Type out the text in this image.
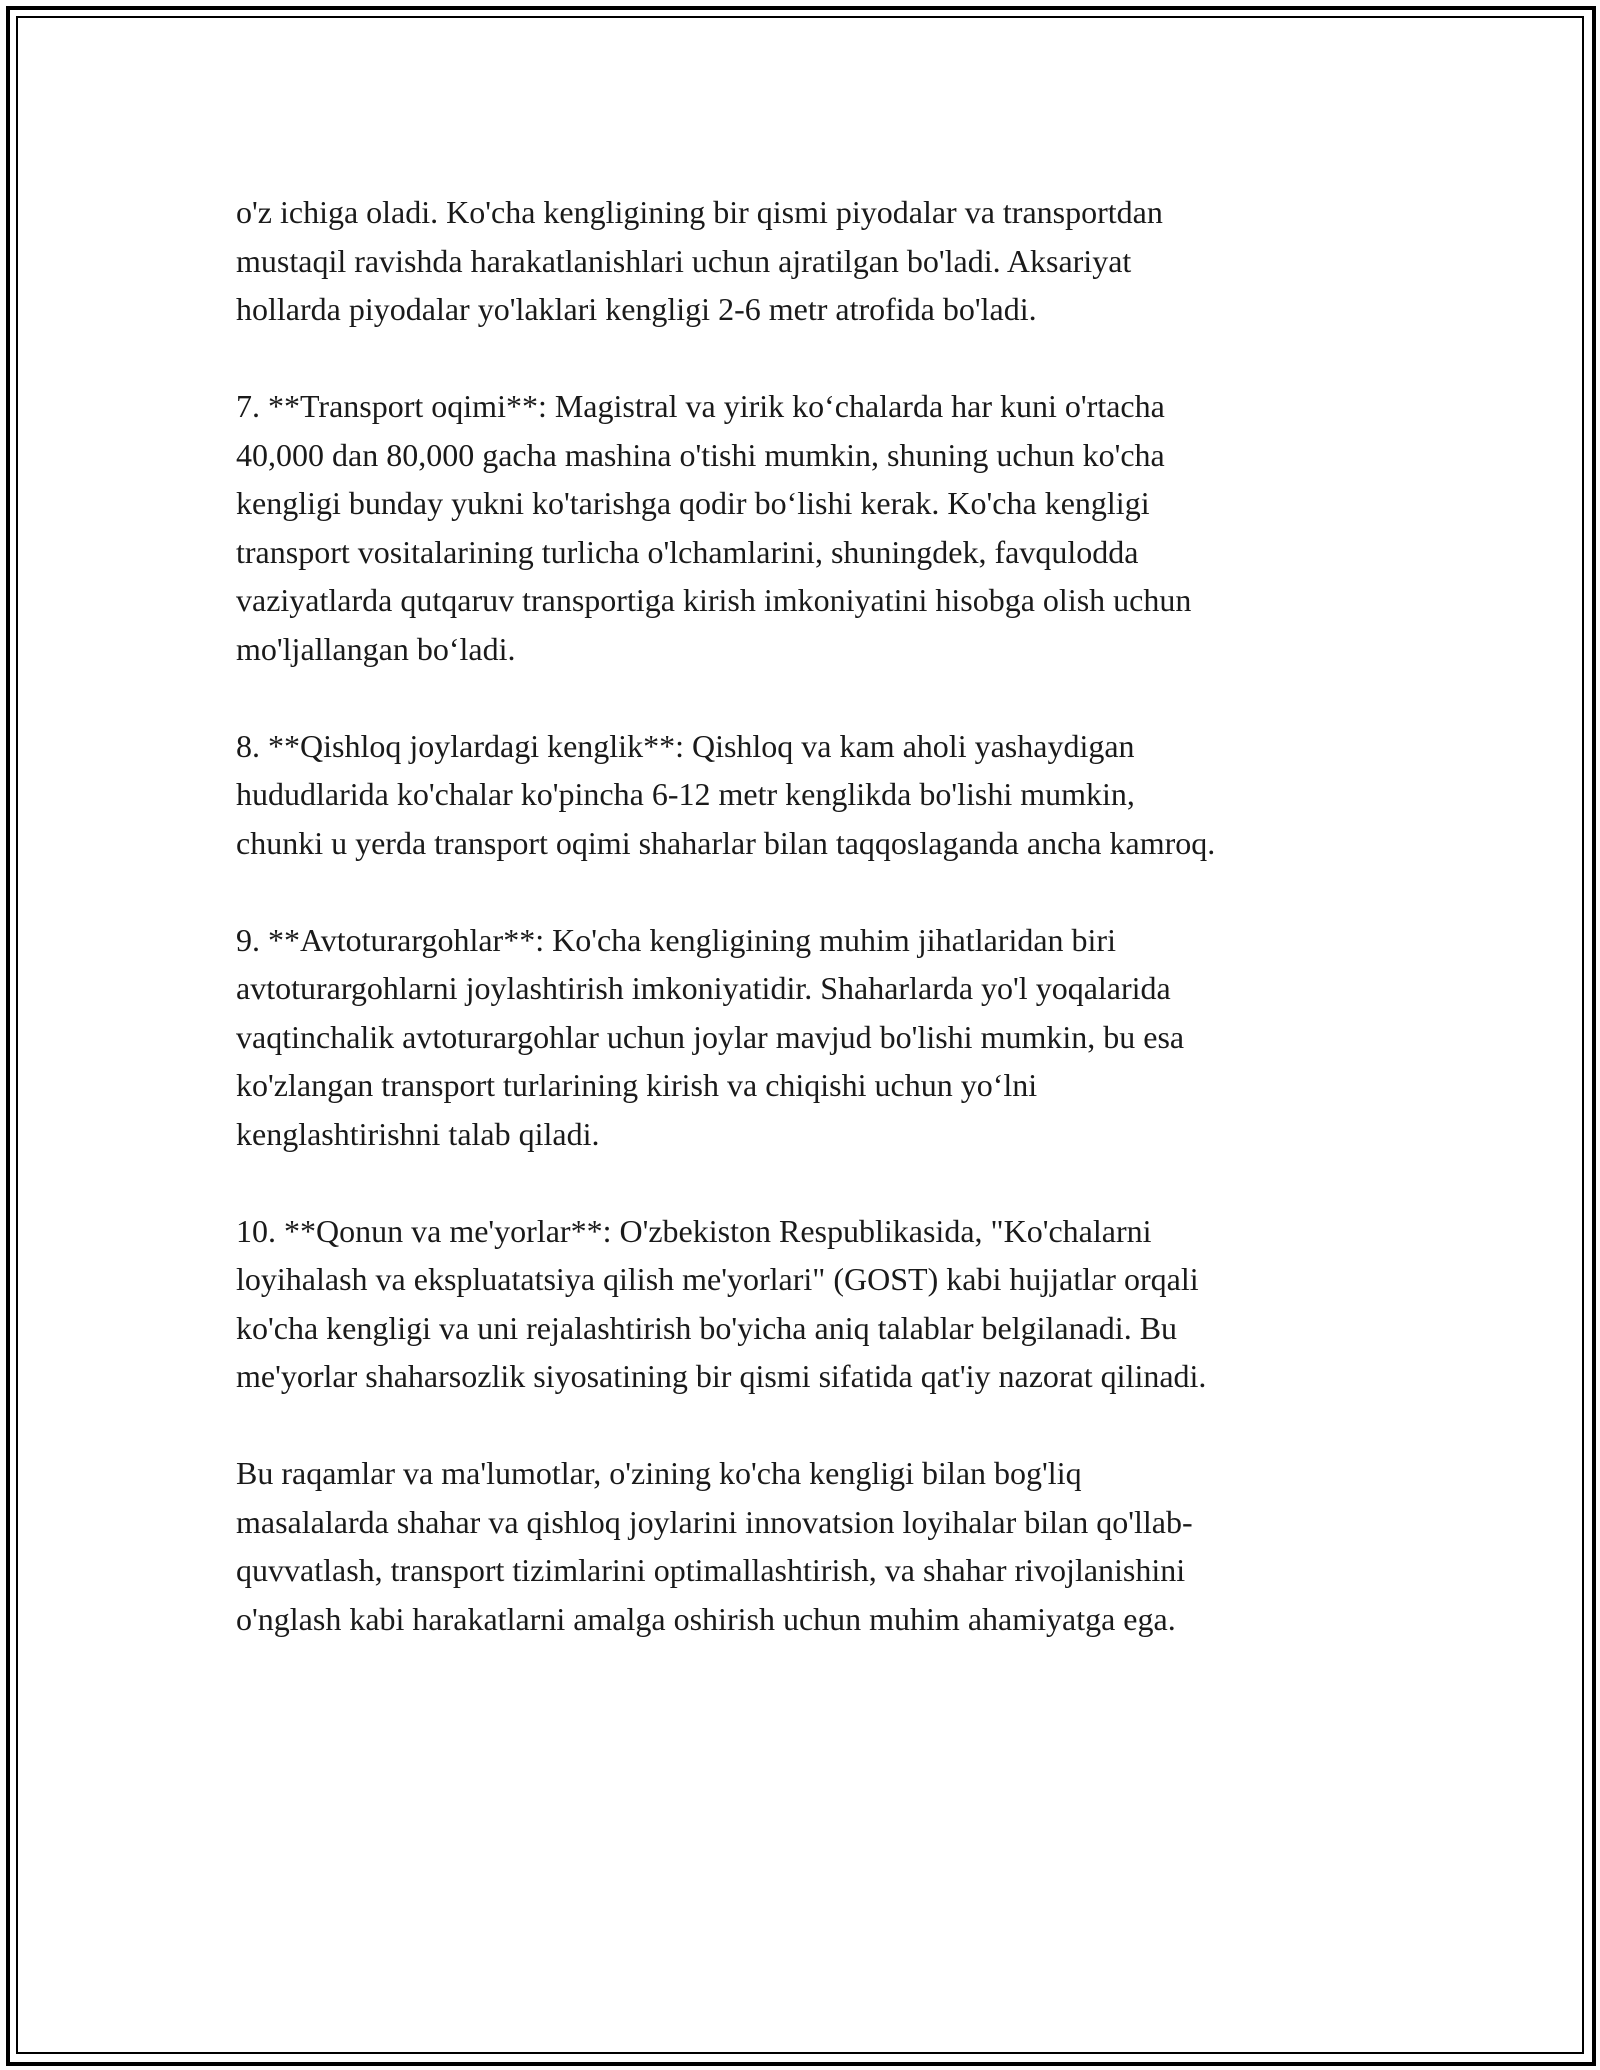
o'z ichiga oladi. Ko'cha kengligining bir qismi piyodalar va transportdan
mustaqil ravishda harakatlanishlari uchun ajratilgan bo'ladi. Aksariyat
hollarda piyodalar yo'laklari kengligi 2-6 metr atrofida bo'ladi.

7. **Transport oqimi**: Magistral va yirik ko‘chalarda har kuni o'rtacha
40,000 dan 80,000 gacha mashina o'tishi mumkin, shuning uchun ko'cha
kengligi bunday yukni ko'tarishga qodir bo‘lishi kerak. Ko'cha kengligi
transport vositalarining turlicha o'lchamlarini, shuningdek, favqulodda
vaziyatlarda qutqaruv transportiga kirish imkoniyatini hisobga olish uchun
mo'ljallangan bo‘ladi.

8. **Qishloq joylardagi kenglik**: Qishloq va kam aholi yashaydigan
hududlarida ko'chalar ko'pincha 6-12 metr kenglikda bo'lishi mumkin,
chunki u yerda transport oqimi shaharlar bilan taqqoslaganda ancha kamroq.

9. **Avtoturargohlar**: Ko'cha kengligining muhim jihatlaridan biri
avtoturargohlarni joylashtirish imkoniyatidir. Shaharlarda yo'l yoqalarida
vaqtinchalik avtoturargohlar uchun joylar mavjud bo'lishi mumkin, bu esa
ko'zlangan transport turlarining kirish va chiqishi uchun yo‘lni
kenglashtirishni talab qiladi.

10. **Qonun va me'yorlar**: O'zbekiston Respublikasida, "Ko'chalarni
loyihalash va ekspluatatsiya qilish me'yorlari" (GOST) kabi hujjatlar orqali
ko'cha kengligi va uni rejalashtirish bo'yicha aniq talablar belgilanadi. Bu
me'yorlar shaharsozlik siyosatining bir qismi sifatida qat'iy nazorat qilinadi.

Bu raqamlar va ma'lumotlar, o'zining ko'cha kengligi bilan bog'liq
masalalarda shahar va qishloq joylarini innovatsion loyihalar bilan qo'llab-
quvvatlash, transport tizimlarini optimallashtirish, va shahar rivojlanishini
o'nglash kabi harakatlarni amalga oshirish uchun muhim ahamiyatga ega.
